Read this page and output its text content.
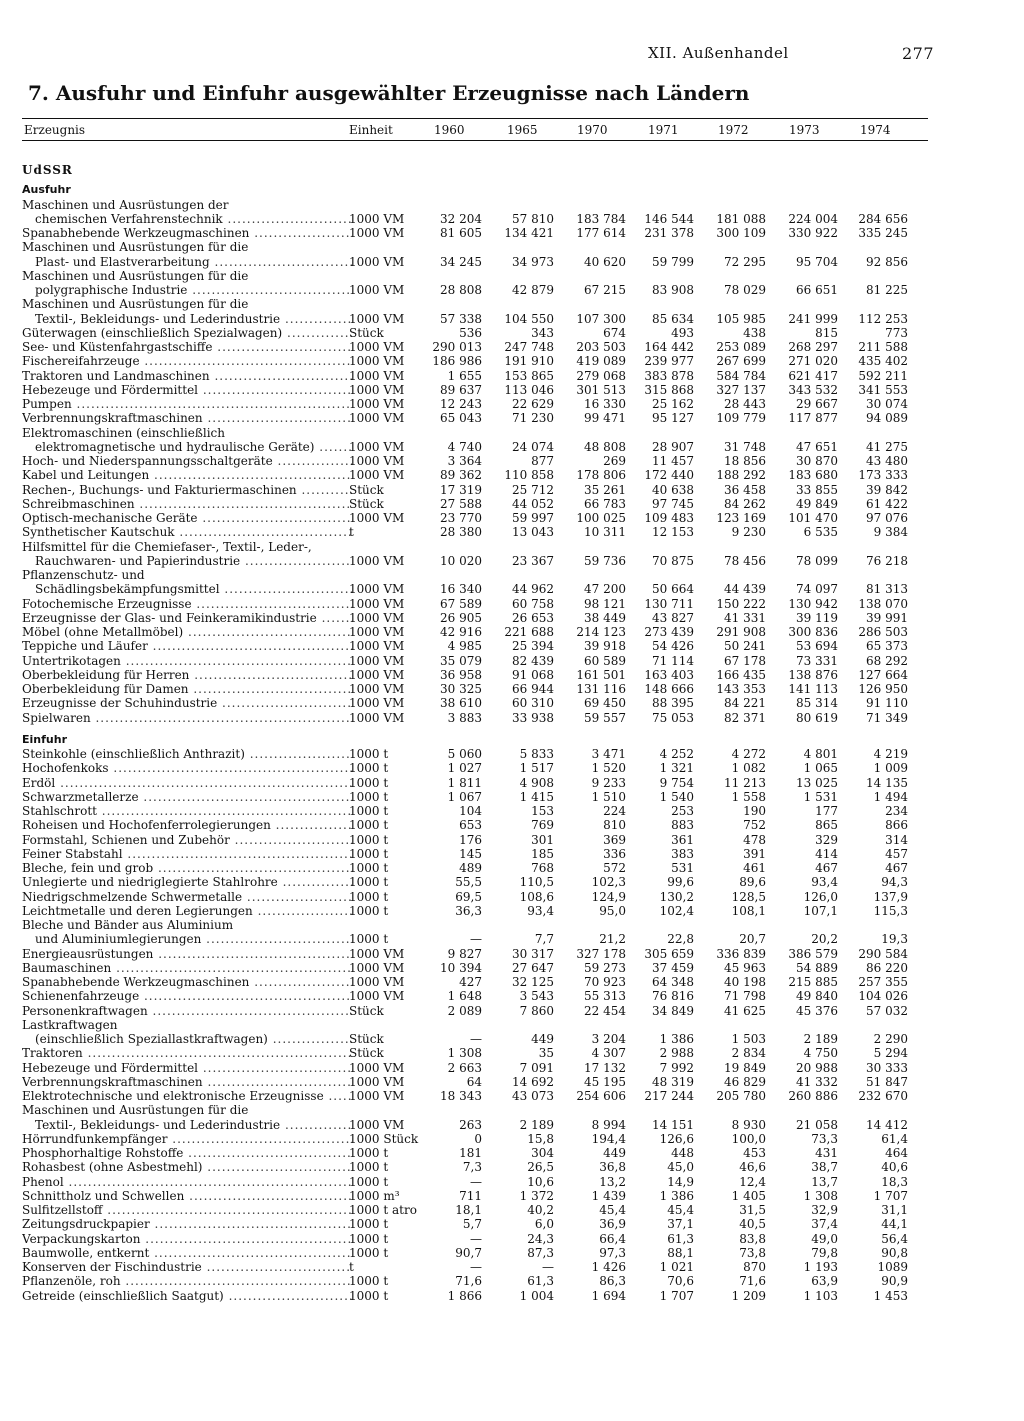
XII. Außenhandel	277
7. Ausfuhr und Einfuhr ausgewählter Erzeugnisse nach Ländern
Erzeugnis	Einheit	1960	1965	1970	1971	1972	1973	1974
UdSSR
Ausfuhr
Maschinen und Ausrüstungen der
chemischen Verfahrenstechnik .....	1000 VM	32 204	57 810	183 784	146 544	181 088	224 004	284 656
Spanabhebende Werkzeugmaschinen .....	1000 VM	81 605	134 421	177 614	231 378	300 109	330 922	335 245
Maschinen und Ausrüstungen für die
Plast- und Elastverarbeitung .....	1000 VM	34 245	34 973	40 620	59 799	72 295	95 704	92 856
Maschinen und Ausrüstungen für die
polygraphische Industrie .....	1000 VM	28 808	42 879	67 215	83 908	78 029	66 651	81 225
Maschinen und Ausrüstungen für die
Textil-, Bekleidungs- und Lederindustrie .....	1000 VM	57 338	104 550	107 300	85 634	105 985	241 999	112 253
Güterwagen (einschließlich Spezialwagen) .....	Stück	536	343	674	493	438	815	773
See- und Küstenfahrgastschiffe .....	1000 VM	290 013	247 748	203 503	164 442	253 089	268 297	211 588
Fischereifahrzeuge .....	1000 VM	186 986	191 910	419 089	239 977	267 699	271 020	435 402
Traktoren und Landmaschinen .....	1000 VM	1 655	153 865	279 068	383 878	584 784	621 417	592 211
Hebezeuge und Fördermittel .....	1000 VM	89 637	113 046	301 513	315 868	327 137	343 532	341 553
Pumpen .....	1000 VM	12 243	22 629	16 330	25 162	28 443	29 667	30 074
Verbrennungskraftmaschinen .....	1000 VM	65 043	71 230	99 471	95 127	109 779	117 877	94 089
Elektromaschinen (einschließlich
elektromagnetische und hydraulische Geräte) .....	1000 VM	4 740	24 074	48 808	28 907	31 748	47 651	41 275
Hoch- und Niederspannungsschaltgeräte .....	1000 VM	3 364	877	269	11 457	18 856	30 870	43 480
Kabel und Leitungen .....	1000 VM	89 362	110 858	178 806	172 440	188 292	183 680	173 333
Rechen-, Buchungs- und Fakturiermaschinen .....	Stück	17 319	25 712	35 261	40 638	36 458	33 855	39 842
Schreibmaschinen .....	Stück	27 588	44 052	66 783	97 745	84 262	49 849	61 422
Optisch-mechanische Geräte .....	1000 VM	23 770	59 997	100 025	109 483	123 169	101 470	97 076
Synthetischer Kautschuk .....	t	28 380	13 043	10 311	12 153	9 230	6 535	9 384
Hilfsmittel für die Chemiefaser-, Textil-, Leder-,
Rauchwaren- und Papierindustrie .....	1000 VM	10 020	23 367	59 736	70 875	78 456	78 099	76 218
Pflanzenschutz- und
Schädlingsbekämpfungsmittel .....	1000 VM	16 340	44 962	47 200	50 664	44 439	74 097	81 313
Fotochemische Erzeugnisse .....	1000 VM	67 589	60 758	98 121	130 711	150 222	130 942	138 070
Erzeugnisse der Glas- und Feinkeramikindustrie .....	1000 VM	26 905	26 653	38 449	43 827	41 331	39 119	39 991
Möbel (ohne Metallmöbel) .....	1000 VM	42 916	221 688	214 123	273 439	291 908	300 836	286 503
Teppiche und Läufer .....	1000 VM	4 985	25 394	39 918	54 426	50 241	53 694	65 373
Untertrikotagen .....	1000 VM	35 079	82 439	60 589	71 114	67 178	73 331	68 292
Oberbekleidung für Herren .....	1000 VM	36 958	91 068	161 501	163 403	166 435	138 876	127 664
Oberbekleidung für Damen .....	1000 VM	30 325	66 944	131 116	148 666	143 353	141 113	126 950
Erzeugnisse der Schuhindustrie .....	1000 VM	38 610	60 310	69 450	88 395	84 221	85 314	91 110
Spielwaren .....	1000 VM	3 883	33 938	59 557	75 053	82 371	80 619	71 349
Einfuhr
Steinkohle (einschließlich Anthrazit) .....	1000 t	5 060	5 833	3 471	4 252	4 272	4 801	4 219
Hochofenkoks .....	1000 t	1 027	1 517	1 520	1 321	1 082	1 065	1 009
Erdöl .....	1000 t	1 811	4 908	9 233	9 754	11 213	13 025	14 135
Schwarzmetallerze .....	1000 t	1 067	1 415	1 510	1 540	1 558	1 531	1 494
Stahlschrott .....	1000 t	104	153	224	253	190	177	234
Roheisen und Hochofenferrolegierungen .....	1000 t	653	769	810	883	752	865	866
Formstahl, Schienen und Zubehör .....	1000 t	176	301	369	361	478	329	314
Feiner Stabstahl .....	1000 t	145	185	336	383	391	414	457
Bleche, fein und grob .....	1000 t	489	768	572	531	461	467	467
Unlegierte und niedriglegierte Stahlrohre .....	1000 t	55,5	110,5	102,3	99,6	89,6	93,4	94,3
Niedrigschmelzende Schwermetalle .....	1000 t	69,5	108,6	124,9	130,2	128,5	126,0	137,9
Leichtmetalle und deren Legierungen .....	1000 t	36,3	93,4	95,0	102,4	108,1	107,1	115,3
Bleche und Bänder aus Aluminium
und Aluminiumlegierungen .....	1000 t	—	7,7	21,2	22,8	20,7	20,2	19,3
Energieausrüstungen .....	1000 VM	9 827	30 317	327 178	305 659	336 839	386 579	290 584
Baumaschinen .....	1000 VM	10 394	27 647	59 273	37 459	45 963	54 889	86 220
Spanabhebende Werkzeugmaschinen .....	1000 VM	427	32 125	70 923	64 348	40 198	215 885	257 355
Schienenfahrzeuge .....	1000 VM	1 648	3 543	55 313	76 816	71 798	49 840	104 026
Personenkraftwagen .....	Stück	2 089	7 860	22 454	34 849	41 625	45 376	57 032
Lastkraftwagen
(einschließlich Speziallastkraftwagen) .....	Stück	—	449	3 204	1 386	1 503	2 189	2 290
Traktoren .....	Stück	1 308	35	4 307	2 988	2 834	4 750	5 294
Hebezeuge und Fördermittel .....	1000 VM	2 663	7 091	17 132	7 992	19 849	20 988	30 333
Verbrennungskraftmaschinen .....	1000 VM	64	14 692	45 195	48 319	46 829	41 332	51 847
Elektrotechnische und elektronische Erzeugnisse .....	1000 VM	18 343	43 073	254 606	217 244	205 780	260 886	232 670
Maschinen und Ausrüstungen für die
Textil-, Bekleidungs- und Lederindustrie .....	1000 VM	263	2 189	8 994	14 151	8 930	21 058	14 412
Hörrundfunkempfänger .....	1000 Stück	0	15,8	194,4	126,6	100,0	73,3	61,4
Phosphorhaltige Rohstoffe .....	1000 t	181	304	449	448	453	431	464
Rohasbest (ohne Asbestmehl) .....	1000 t	7,3	26,5	36,8	45,0	46,6	38,7	40,6
Phenol .....	1000 t	—	10,6	13,2	14,9	12,4	13,7	18,3
Schnittholz und Schwellen .....	1000 m³	711	1 372	1 439	1 386	1 405	1 308	1 707
Sulfitzellstoff .....	1000 t atro	18,1	40,2	45,4	45,4	31,5	32,9	31,1
Zeitungsdruckpapier .....	1000 t	5,7	6,0	36,9	37,1	40,5	37,4	44,1
Verpackungskarton .....	1000 t	—	24,3	66,4	61,3	83,8	49,0	56,4
Baumwolle, entkernt .....	1000 t	90,7	87,3	97,3	88,1	73,8	79,8	90,8
Konserven der Fischindustrie .....	t	—	—	1 426	1 021	870	1 193	1089
Pflanzenöle, roh .....	1000 t	71,6	61,3	86,3	70,6	71,6	63,9	90,9
Getreide (einschließlich Saatgut) .....	1000 t	1 866	1 004	1 694	1 707	1 209	1 103	1 453
